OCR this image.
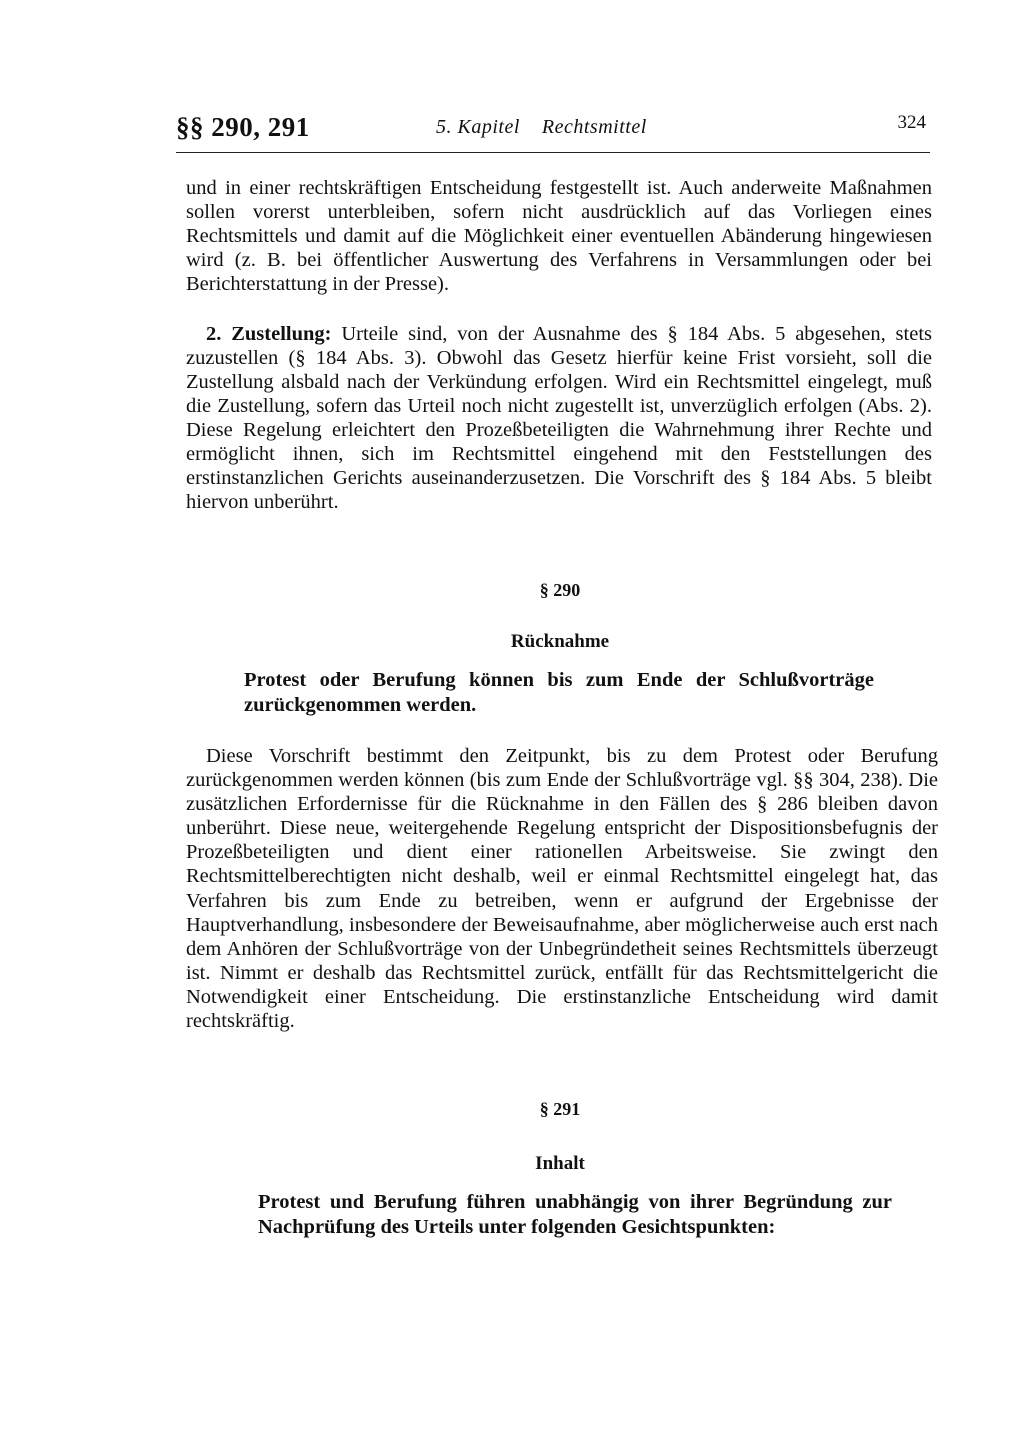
§§ 290, 291	5. Kapitel Rechtsmittel	324
und in einer rechtskräftigen Entscheidung festgestellt ist. Auch anderweite Maßnahmen sollen vorerst unterbleiben, sofern nicht ausdrücklich auf das Vorliegen eines Rechtsmittels und damit auf die Möglichkeit einer eventuellen Abänderung hingewiesen wird (z. B. bei öffentlicher Auswertung des Verfahrens in Versammlungen oder bei Berichterstattung in der Presse).
2. Zustellung: Urteile sind, von der Ausnahme des § 184 Abs. 5 abgesehen, stets zuzustellen (§ 184 Abs. 3). Obwohl das Gesetz hierfür keine Frist vorsieht, soll die Zustellung alsbald nach der Verkündung erfolgen. Wird ein Rechtsmittel eingelegt, muß die Zustellung, sofern das Urteil noch nicht zugestellt ist, unverzüglich erfolgen (Abs. 2). Diese Regelung erleichtert den Prozeßbeteiligten die Wahrnehmung ihrer Rechte und ermöglicht ihnen, sich im Rechtsmittel eingehend mit den Feststellungen des erstinstanzlichen Gerichts auseinanderzusetzen. Die Vorschrift des § 184 Abs. 5 bleibt hiervon unberührt.
§ 290
Rücknahme
Protest oder Berufung können bis zum Ende der Schlußvorträge zurückgenommen werden.
Diese Vorschrift bestimmt den Zeitpunkt, bis zu dem Protest oder Berufung zurückgenommen werden können (bis zum Ende der Schlußvorträge vgl. §§ 304, 238). Die zusätzlichen Erfordernisse für die Rücknahme in den Fällen des § 286 bleiben davon unberührt. Diese neue, weitergehende Regelung entspricht der Dispositionsbefugnis der Prozeßbeteiligten und dient einer rationellen Arbeitsweise. Sie zwingt den Rechtsmittelberechtigten nicht deshalb, weil er einmal Rechtsmittel eingelegt hat, das Verfahren bis zum Ende zu betreiben, wenn er aufgrund der Ergebnisse der Hauptverhandlung, insbesondere der Beweisaufnahme, aber möglicherweise auch erst nach dem Anhören der Schlußvorträge von der Unbegründetheit seines Rechtsmittels überzeugt ist. Nimmt er deshalb das Rechtsmittel zurück, entfällt für das Rechtsmittelgericht die Notwendigkeit einer Entscheidung. Die erstinstanzliche Entscheidung wird damit rechtskräftig.
§ 291
Inhalt
Protest und Berufung führen unabhängig von ihrer Begründung zur Nachprüfung des Urteils unter folgenden Gesichtspunkten:
